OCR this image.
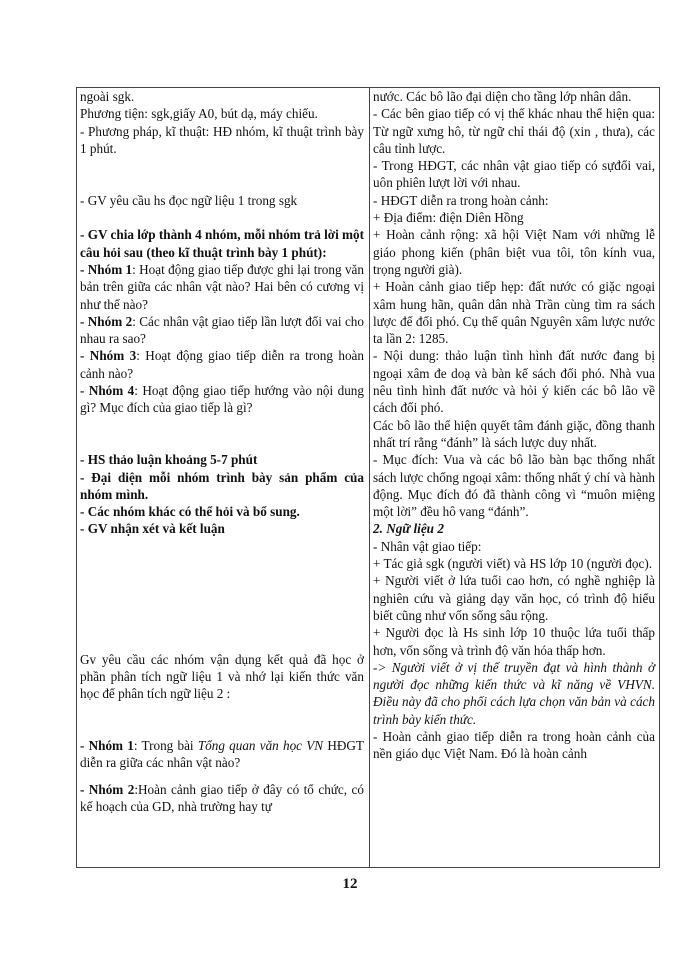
ngoài sgk.

Phương tiện: sgk,giấy A0, bút dạ, máy chiếu.

- Phương pháp, kĩ thuật: HĐ nhóm, kĩ thuật trình bày 1 phút.

- GV yêu cầu hs đọc ngữ liệu 1 trong sgk

- GV chia lớp thành 4 nhóm, mỗi nhóm trả lời một câu hỏi sau (theo kĩ thuật trình bày 1 phút):

- Nhóm 1: Hoạt động giao tiếp được ghi lại trong văn bản trên giữa các nhân vật nào? Hai bên có cương vị như thế nào?

- Nhóm 2: Các nhân vật giao tiếp lần lượt đổi vai cho nhau ra sao?

- Nhóm 3: Hoạt động giao tiếp diễn ra trong hoàn cảnh nào?

- Nhóm 4: Hoạt động giao tiếp hướng vào nội dung gì? Mục đích của giao tiếp là gì?

- HS thảo luận khoảng 5-7 phút

- Đại diện mỗi nhóm trình bày sản phẩm của nhóm mình.

- Các nhóm khác có thể hỏi và bổ sung.

- GV nhận xét và kết luận

Gv yêu cầu các nhóm vận dụng kết quả đã học ở phần phân tích ngữ liệu 1 và nhớ lại kiến thức văn học để phân tích ngữ liệu 2 :

- Nhóm 1: Trong bài Tổng quan văn học VN HĐGT diễn ra giữa các nhân vật nào?

- Nhóm 2:Hoàn cảnh giao tiếp ở đây có tổ chức, có kế hoạch của GD, nhà trường hay tự

nước. Các bô lão đại diện cho tầng lớp nhân dân.

- Các bên giao tiếp có vị thế khác nhau thể hiện qua: Từ ngữ xưng hô, từ ngữ chỉ thái độ (xin , thưa), các câu tỉnh lược.

- Trong HĐGT, các nhân vật giao tiếp có sựđổi vai, uôn phiên lượt lời với nhau.

- HĐGT diễn ra trong hoàn cảnh:

+ Địa điểm: điện Diên Hồng

+ Hoàn cảnh rộng: xã hội Việt Nam với những lễ giáo phong kiến (phân biệt vua tôi, tôn kính vua, trọng người già).

+ Hoàn cảnh giao tiếp hẹp: đất nước có giặc ngoại xâm hung hãn, quân dân nhà Trần cùng tìm ra sách lược để đối phó. Cụ thể quân Nguyên xâm lược nước ta lần 2: 1285.

- Nội dung: thảo luận tình hình đất nước đang bị ngoại xâm đe doạ và bàn kế sách đối phó. Nhà vua nêu tình hình đất nước và hỏi ý kiến các bô lão về cách đối phó.

Các bô lão thể hiện quyết tâm đánh giặc, đồng thanh nhất trí rằng “đánh” là sách lược duy nhất.

- Mục đích: Vua và các bô lão bàn bạc thống nhất sách lược chống ngoại xâm: thống nhất ý chí và hành động. Mục đích đó đã thành công vì “muôn miệng một lời” đều hô vang “đánh”.

2. Ngữ liệu 2

- Nhân vật giao tiếp:

+ Tác giả sgk (người viết) và HS lớp 10 (người đọc).

+ Người viết ở lứa tuổi cao hơn, có nghề nghiệp là nghiên cứu và giảng dạy văn học, có trình độ hiểu biết cũng như vốn sống sâu rộng.

+ Người đọc là Hs sinh lớp 10 thuộc lứa tuổi thấp hơn, vốn sống và trình độ văn hóa thấp hơn.

-> Người viết ở vị thế truyền đạt và hình thành ở người đọc những kiến thức và kĩ năng về VHVN. Điều này đã cho phối cách lựa chọn văn bản và cách trình bày kiến thức.

- Hoàn cảnh giao tiếp diễn ra trong hoàn cảnh của nền giáo dục Việt Nam. Đó là hoàn cảnh

12
